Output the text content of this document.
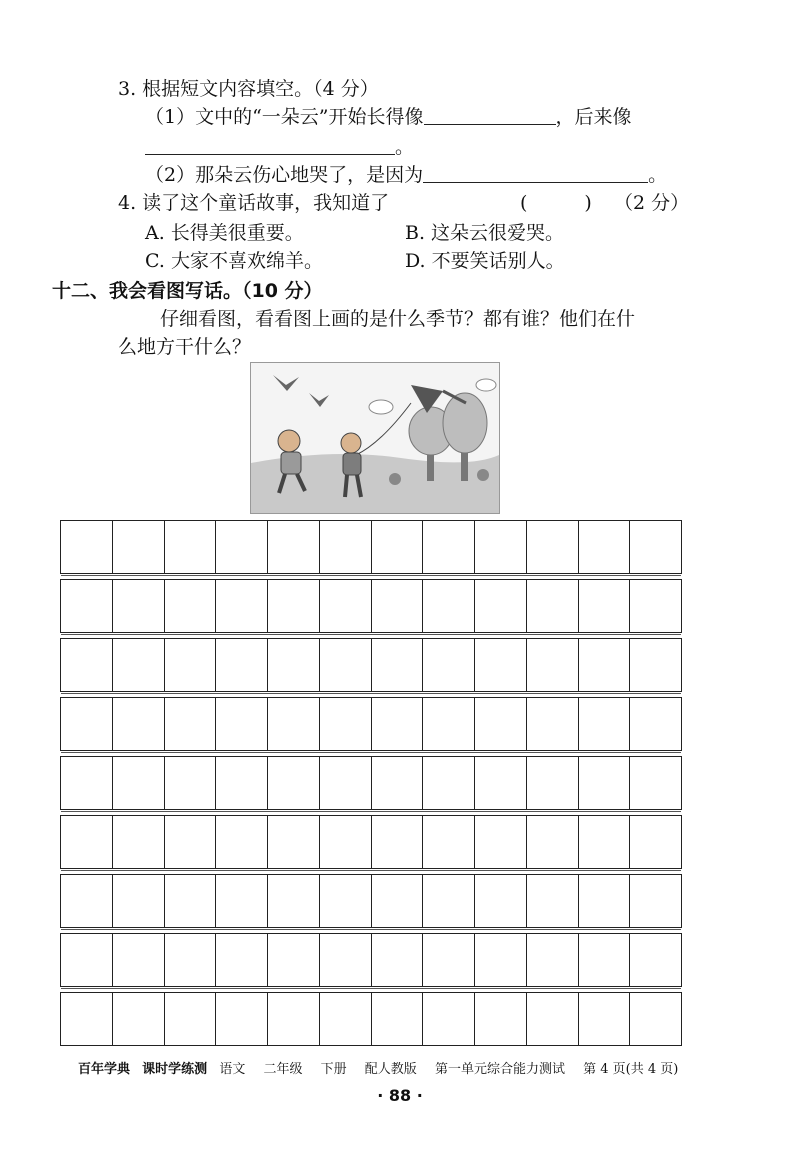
3. 根据短文内容填空。（4 分）
（1）文中的“一朵云”开始长得像	，后来像
。
（2）那朵云伤心地哭了，是因为	。
4. 读了这个童话故事，我知道了	(　　　) （2 分）
A. 长得美很重要。	B. 这朵云很爱哭。
C. 大家不喜欢绵羊。	D. 不要笑话别人。
十二、我会看图写话。（10 分）
仔细看图，看看图上画的是什么季节？都有谁？他们在什
么地方干什么？
百年学典 课时学练测 语文 二年级 下册 配人教版 第一单元综合能力测试 第 4 页(共 4 页)
· 88 ·
